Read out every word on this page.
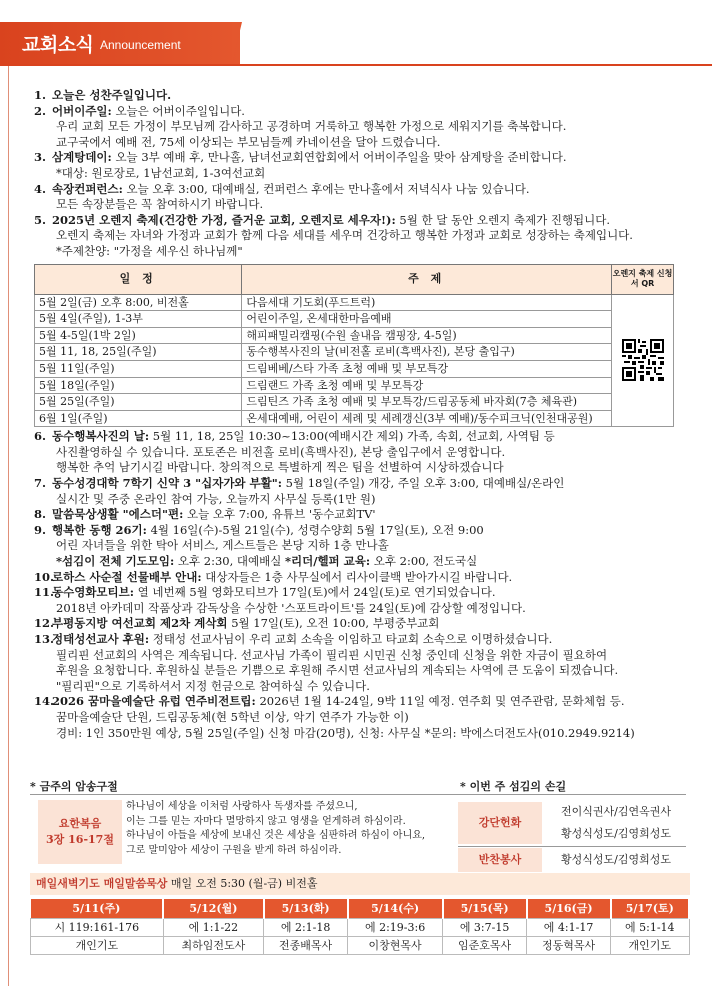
교회소식 Announcement
1. 오늘은 성찬주일입니다.
2. 어버이주일: 오늘은 어버이주일입니다.
우리 교회 모든 가정이 부모님께 감사하고 공경하며 거룩하고 행복한 가정으로 세워지기를 축복합니다.
교구국에서 예배 전, 75세 이상되는 부모님들께 카네이션을 달아 드렸습니다.
3. 삼계탕데이: 오늘 3부 예배 후, 만나홀, 남녀선교회연합회에서 어버이주일을 맞아 삼계탕을 준비합니다.
*대상: 원로장로, 1남선교회, 1-3여선교회
4. 속장컨퍼런스: 오늘 오후 3:00, 대예배실, 컨퍼런스 후에는 만나홀에서 저녁식사 나눔 있습니다.
모든 속장분들은 꼭 참여하시기 바랍니다.
5. 2025년 오렌지 축제(건강한 가정, 즐거운 교회, 오렌지로 세우자!): 5월 한 달 동안 오렌지 축제가 진행됩니다.
오렌지 축제는 자녀와 가정과 교회가 함께 다음 세대를 세우며 건강하고 행복한 가정과 교회로 성장하는 축제입니다.
*주제찬양: "가정을 세우신 하나님께"
일 정	주 제	오렌지 축제 신청서 QR
5월 2일(금) 오후 8:00, 비전홀	다음세대 기도회(푸드트럭)	

5월 4일(주일), 1-3부	어린이주일, 온세대한마음예배	
5월 4-5일(1박 2일)	해피패밀리캠핑(수원 솔내음 캠핑장, 4-5일)	
5월 11, 18, 25일(주일)	동수행복사진의 날(비전홀 로비(흑백사진), 본당 출입구)	
5월 11일(주일)	드림베베/스타 가족 초청 예배 및 부모특강	
5월 18일(주일)	드림랜드 가족 초청 예배 및 부모특강	
5월 25일(주일)	드림틴즈 가족 초청 예배 및 부모특강/드림공동체 바자회(7층 체육관)	
6월 1일(주일)	온세대예배, 어린이 세례 및 세례갱신(3부 예배)/동수피크닉(인천대공원)	
6. 동수행복사진의 날: 5월 11, 18, 25일 10:30~13:00(예배시간 제외) 가족, 속회, 선교회, 사역팀 등
사진촬영하실 수 있습니다. 포토존은 비전홀 로비(흑백사진), 본당 출입구에서 운영합니다.
행복한 추억 남기시길 바랍니다. 창의적으로 특별하게 찍은 팀을 선별하여 시상하겠습니다
7. 동수성경대학 7학기 신약 3 "십자가와 부활": 5월 18일(주일) 개강, 주일 오후 3:00, 대예배실/온라인
실시간 및 주중 온라인 참여 가능, 오늘까지 사무실 등록(1만 원)
8. 말씀묵상생활 "에스더"편: 오늘 오후 7:00, 유튜브 '동수교회TV'
9. 행복한 동행 26기: 4월 16일(수)-5월 21일(수), 성령수양회 5월 17일(토), 오전 9:00
어린 자녀들을 위한 탁아 서비스, 게스트들은 본당 지하 1층 만나홀
*섬김이 전체 기도모임: 오후 2:30, 대예배실 *리더/헬퍼 교육: 오후 2:00, 전도국실
10.
로하스 사순절 선물배부 안내: 대상자들은 1층 사무실에서 리사이클백 받아가시길 바랍니다.
11.
동수영화모티브: 열 네번째 5월 영화모티브가 17일(토)에서 24일(토)로 연기되었습니다.
2018년 아카데미 작품상과 감독상을 수상한 '스포트라이트'를 24일(토)에 감상할 예정입니다.
12.
부평동지방 여선교회 제2차 계삭회 5월 17일(토), 오전 10:00, 부평중부교회
13.
정태성선교사 후원: 정태성 선교사님이 우리 교회 소속을 이임하고 타교회 소속으로 이명하셨습니다.
필리핀 선교회의 사역은 계속됩니다. 선교사님 가족이 필리핀 시민권 신청 중인데 신청을 위한 자금이 필요하여
후원을 요청합니다. 후원하실 분들은 기쁨으로 후원해 주시면 선교사님의 계속되는 사역에 큰 도움이 되겠습니다.
"필리핀"으로 기록하셔서 지정 헌금으로 참여하실 수 있습니다.
14.
2026 꿈마을예술단 유럽 연주비전트립: 2026년 1월 14-24일, 9박 11일 예정. 연주회 및 연주관람, 문화체험 등.
꿈마을예술단 단원, 드림공동체(현 5학년 이상, 악기 연주가 가능한 이)
경비: 1인 350만원 예상, 5월 25일(주일) 신청 마감(20명), 신청: 사무실 *문의: 박에스더전도사(010.2949.9214)
* 금주의 암송구절	* 이번 주 섬김의 손길
요한복음
3장 16-17절
하나님이 세상을 이처럼 사랑하사 독생자를 주셨으니,
이는 그를 믿는 자마다 멸망하지 않고 영생을 얻게하려 하심이라.
하나님이 아들을 세상에 보내신 것은 세상을 심판하려 하심이 아니요,
그로 말미암아 세상이 구원을 받게 하려 하심이라.
강단헌화
전이식권사/김연옥권사
황성식성도/김영희성도
반찬봉사	황성식성도/김영희성도
매일새벽기도 매일말씀묵상 매일 오전 5:30 (월-금) 비전홀
5/11(주)	5/12(월)	5/13(화)	5/14(수)	5/15(목)	5/16(금)	5/17(토)
시 119:161-176	에 1:1-22	에 2:1-18	에 2:19-3:6	에 3:7-15	에 4:1-17	에 5:1-14
개인기도	최하임전도사	전종배목사	이창현목사	임준호목사	정동혁목사	개인기도
